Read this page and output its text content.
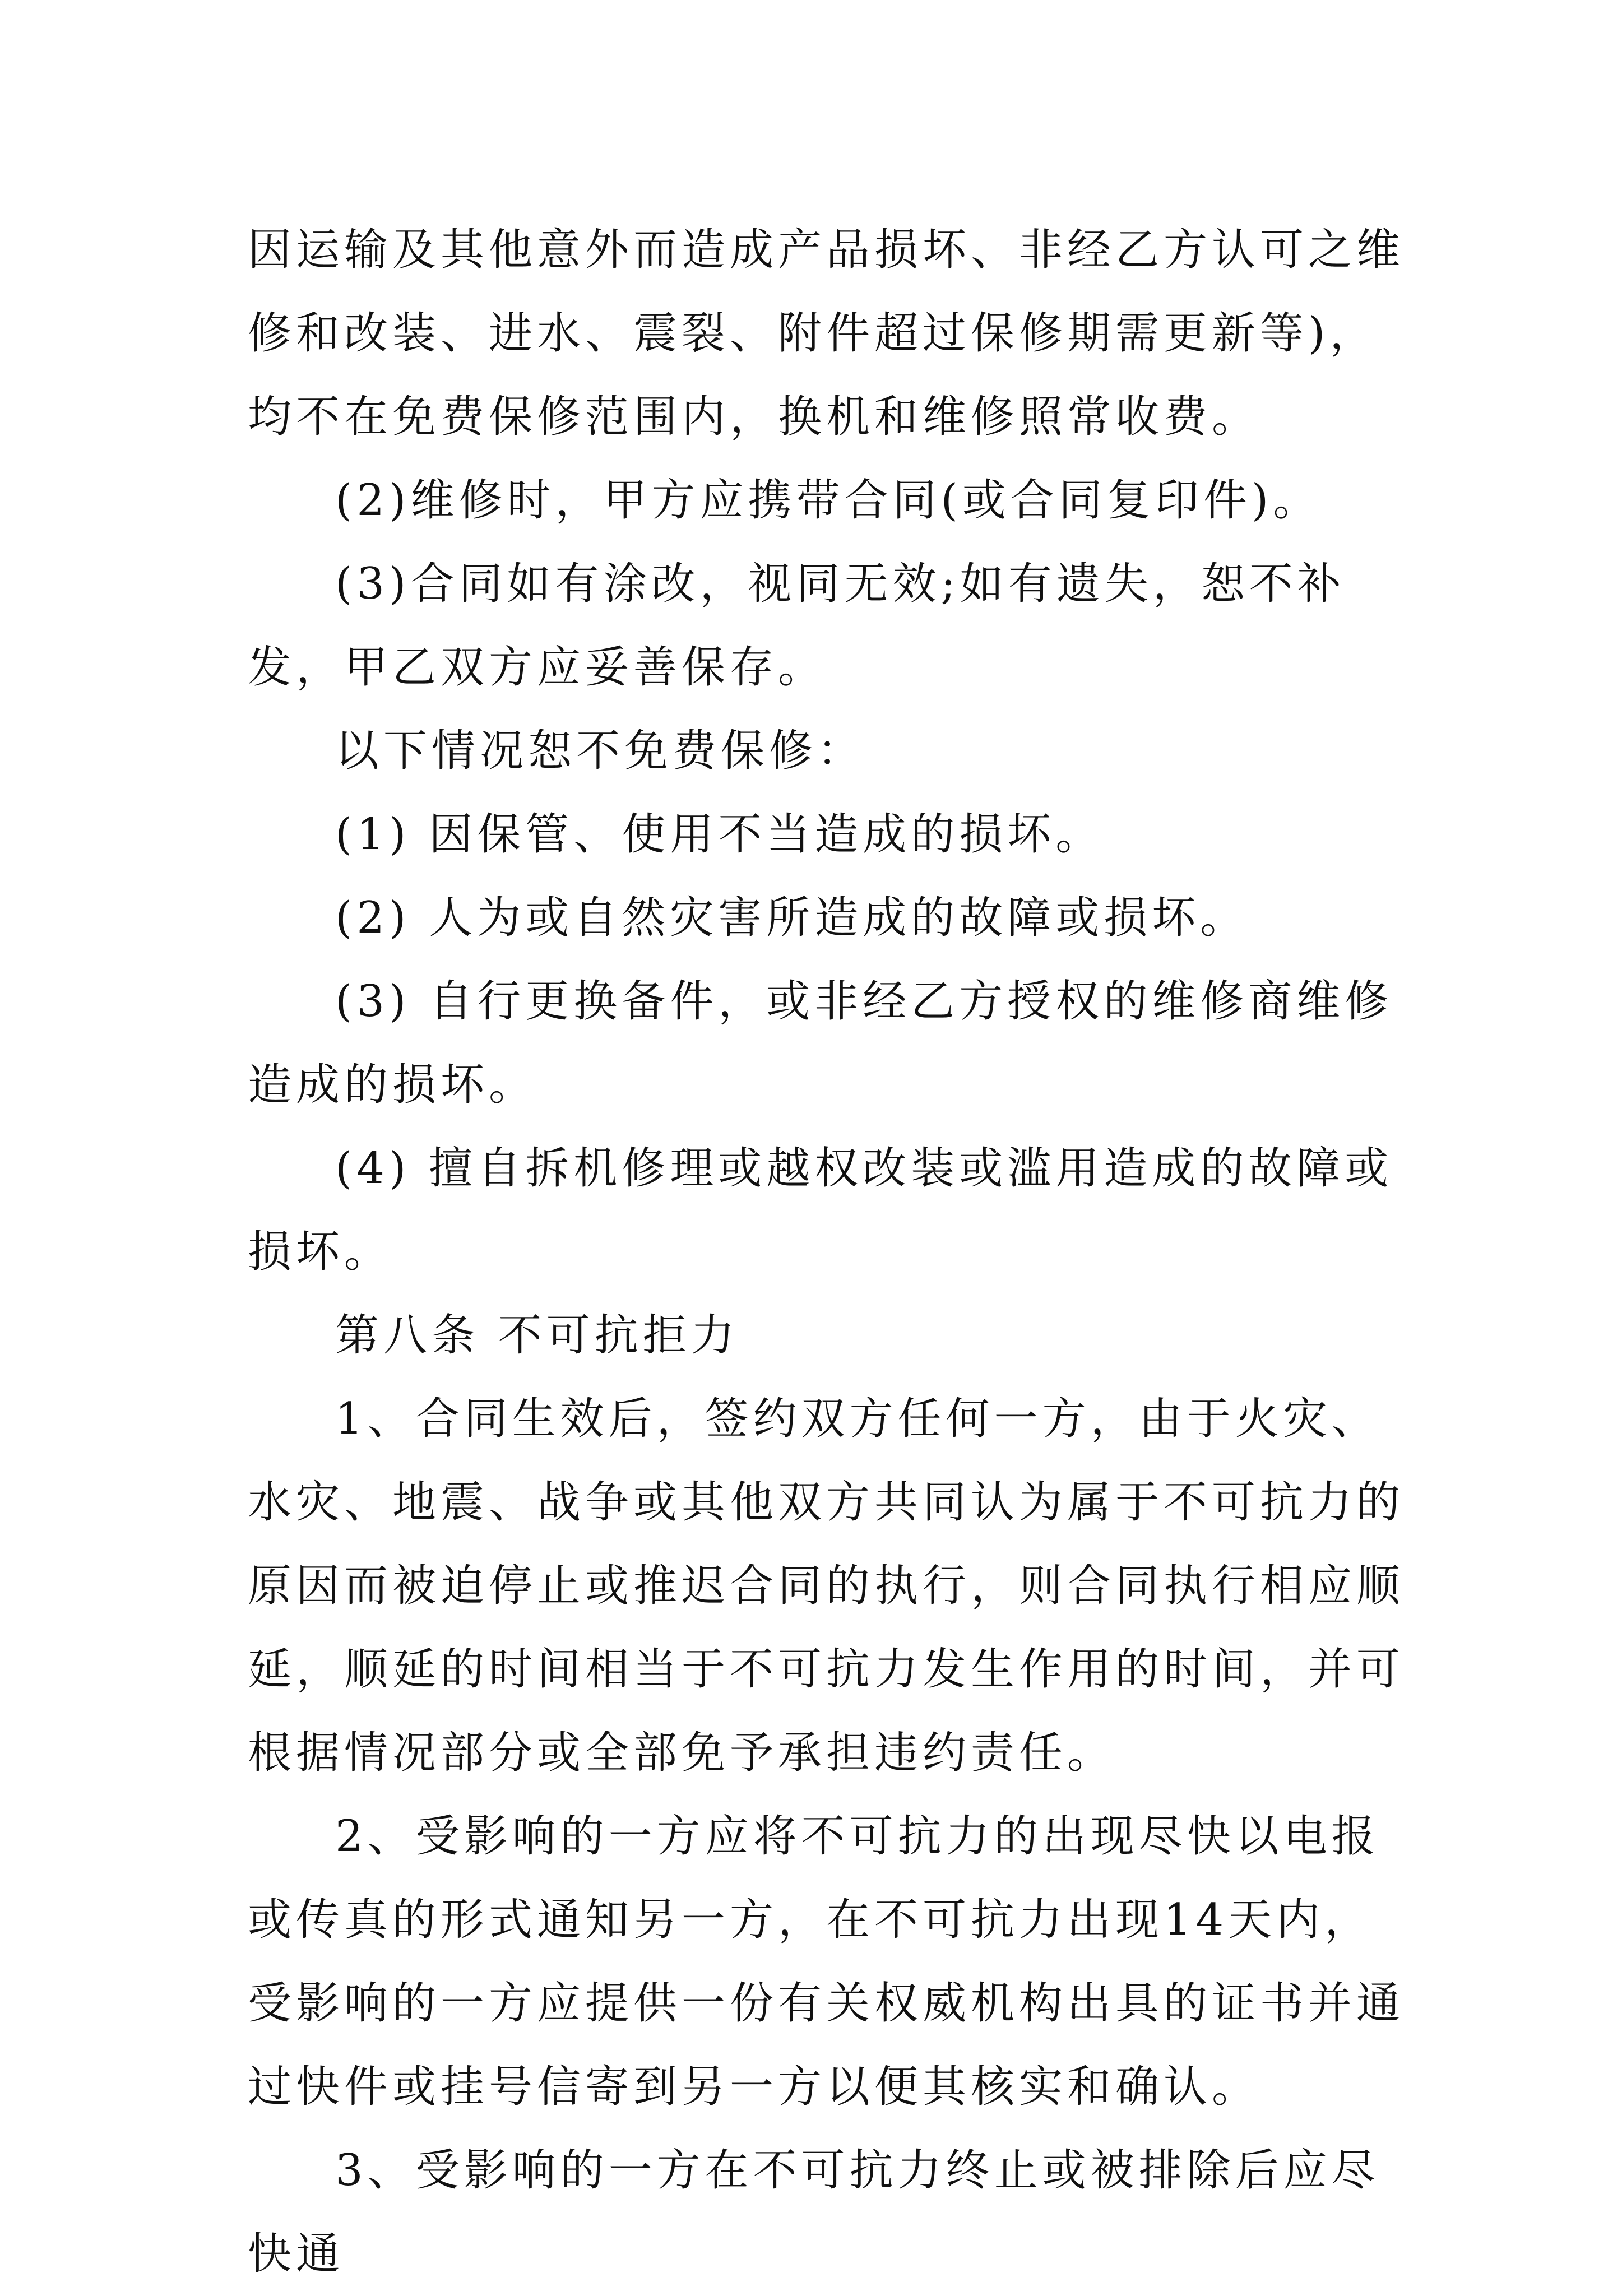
因运输及其他意外而造成产品损坏、非经乙方认可之维修和改装、进水、震裂、附件超过保修期需更新等)，均不在免费保修范围内，换机和维修照常收费。

(2)维修时，甲方应携带合同(或合同复印件)。

(3)合同如有涂改，视同无效;如有遗失，恕不补发，甲乙双方应妥善保存。

以下情况恕不免费保修：

(1) 因保管、使用不当造成的损坏。

(2) 人为或自然灾害所造成的故障或损坏。

(3) 自行更换备件，或非经乙方授权的维修商维修造成的损坏。

(4) 擅自拆机修理或越权改装或滥用造成的故障或损坏。

第八条 不可抗拒力

1、合同生效后，签约双方任何一方，由于火灾、水灾、地震、战争或其他双方共同认为属于不可抗力的原因而被迫停止或推迟合同的执行，则合同执行相应顺延，顺延的时间相当于不可抗力发生作用的时间，并可根据情况部分或全部免予承担违约责任。

2、受影响的一方应将不可抗力的出现尽快以电报或传真的形式通知另一方，在不可抗力出现14天内，受影响的一方应提供一份有关权威机构出具的证书并通过快件或挂号信寄到另一方以便其核实和确认。

3、受影响的一方在不可抗力终止或被排除后应尽快通
